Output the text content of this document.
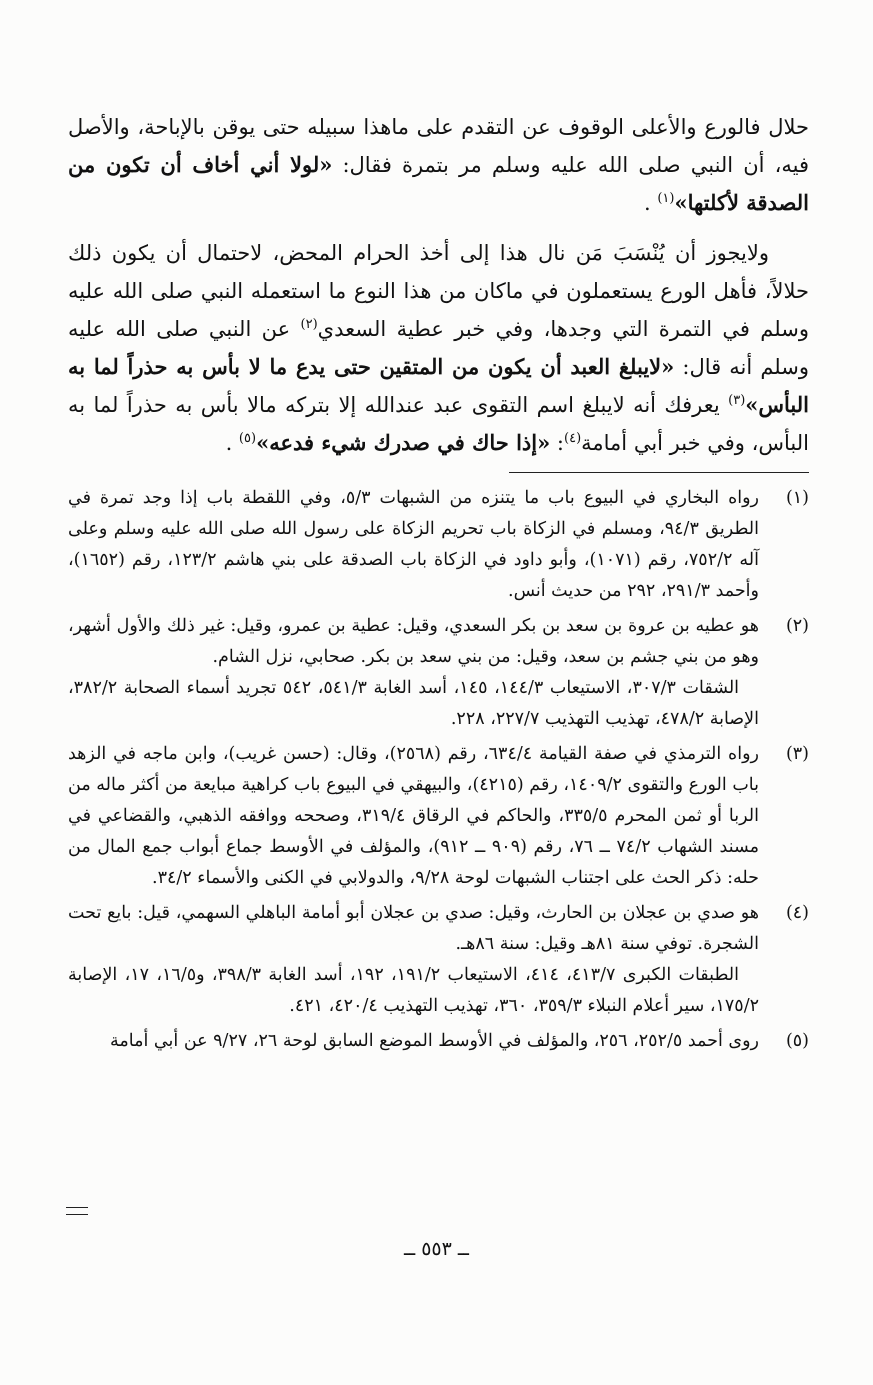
حلال فالورع والأعلى الوقوف عن التقدم على ماهذا سبيله حتى يوقن بالإباحة، والأصل فيه، أن النبي صلى الله عليه وسلم مر بتمرة فقال: «لولا أني أخاف أن تكون من الصدقة لأكلتها»$^{(١)}$ .

ولايجوز أن يُنْسَبَ مَن نال هذا إلى أخذ الحرام المحض، لاحتمال أن يكون ذلك حلالاً، فأهل الورع يستعملون في ماكان من هذا النوع ما استعمله النبي صلى الله عليه وسلم في التمرة التي وجدها، وفي خبر عطية السعدي$^{(٢)}$ عن النبي صلى الله عليه وسلم أنه قال: «لايبلغ العبد أن يكون من المتقين حتى يدع ما لا بأس به حذراً لما به البأس»$^{(٣)}$ يعرفك أنه لايبلغ اسم التقوى عبد عندالله إلا بتركه مالا بأس به حذراً لما به البأس، وفي خبر أبي أمامة$^{(٤)}$: «إذا حاك في صدرك شيء فدعه»$^{(٥)}$ .

(١)

رواه البخاري في البيوع باب ما يتنزه من الشبهات ٥/٣، وفي اللقطة باب إذا وجد تمرة في الطريق ٩٤/٣، ومسلم في الزكاة باب تحريم الزكاة على رسول الله صلى الله عليه وسلم وعلى آله ٧٥٢/٢، رقم (١٠٧١)، وأبو داود في الزكاة باب الصدقة على بني هاشم ١٢٣/٢، رقم (١٦٥٢)، وأحمد ٢٩١/٣، ٢٩٢ من حديث أنس.

(٢)

هو عطيه بن عروة بن سعد بن بكر السعدي، وقيل: عطية بن عمرو، وقيل: غير ذلك والأول أشهر، وهو من بني جشم بن سعد، وقيل: من بني سعد بن بكر. صحابي، نزل الشام.

الشقات ٣٠٧/٣، الاستيعاب ١٤٤/٣، ١٤٥، أسد الغابة ٥٤١/٣، ٥٤٢ تجريد أسماء الصحابة ٣٨٢/٢، الإصابة ٤٧٨/٢، تهذيب التهذيب ٢٢٧/٧، ٢٢٨.

(٣)

رواه الترمذي في صفة القيامة ٦٣٤/٤، رقم (٢٥٦٨)، وقال: (حسن غريب)، وابن ماجه في الزهد باب الورع والتقوى ١٤٠٩/٢، رقم (٤٢١٥)، والبيهقي في البيوع باب كراهية مبايعة من أكثر ماله من الربا أو ثمن المحرم ٣٣٥/٥، والحاكم في الرقاق ٣١٩/٤، وصححه ووافقه الذهبي، والقضاعي في مسند الشهاب ٧٤/٢ ــ ٧٦، رقم (٩٠٩ ــ ٩١٢)، والمؤلف في الأوسط جماع أبواب جمع المال من حله: ذكر الحث على اجتناب الشبهات لوحة ٩/٢٨، والدولابي في الكنى والأسماء ٣٤/٢.

(٤)

هو صدي بن عجلان بن الحارث، وقيل: صدي بن عجلان أبو أمامة الباهلي السهمي، قيل: بايع تحت الشجرة. توفي سنة ٨١هـ وقيل: سنة ٨٦هـ.

الطبقات الكبرى ٤١٣/٧، ٤١٤، الاستيعاب ١٩١/٢، ١٩٢، أسد الغابة ٣٩٨/٣، و١٦/٥، ١٧، الإصابة ١٧٥/٢، سير أعلام النبلاء ٣٥٩/٣، ٣٦٠، تهذيب التهذيب ٤٢٠/٤، ٤٢١.

(٥)

روى أحمد ٢٥٢/٥، ٢٥٦، والمؤلف في الأوسط الموضع السابق لوحة ٢٦، ٩/٢٧ عن أبي أمامة

ــ ٥٥٣ ــ
